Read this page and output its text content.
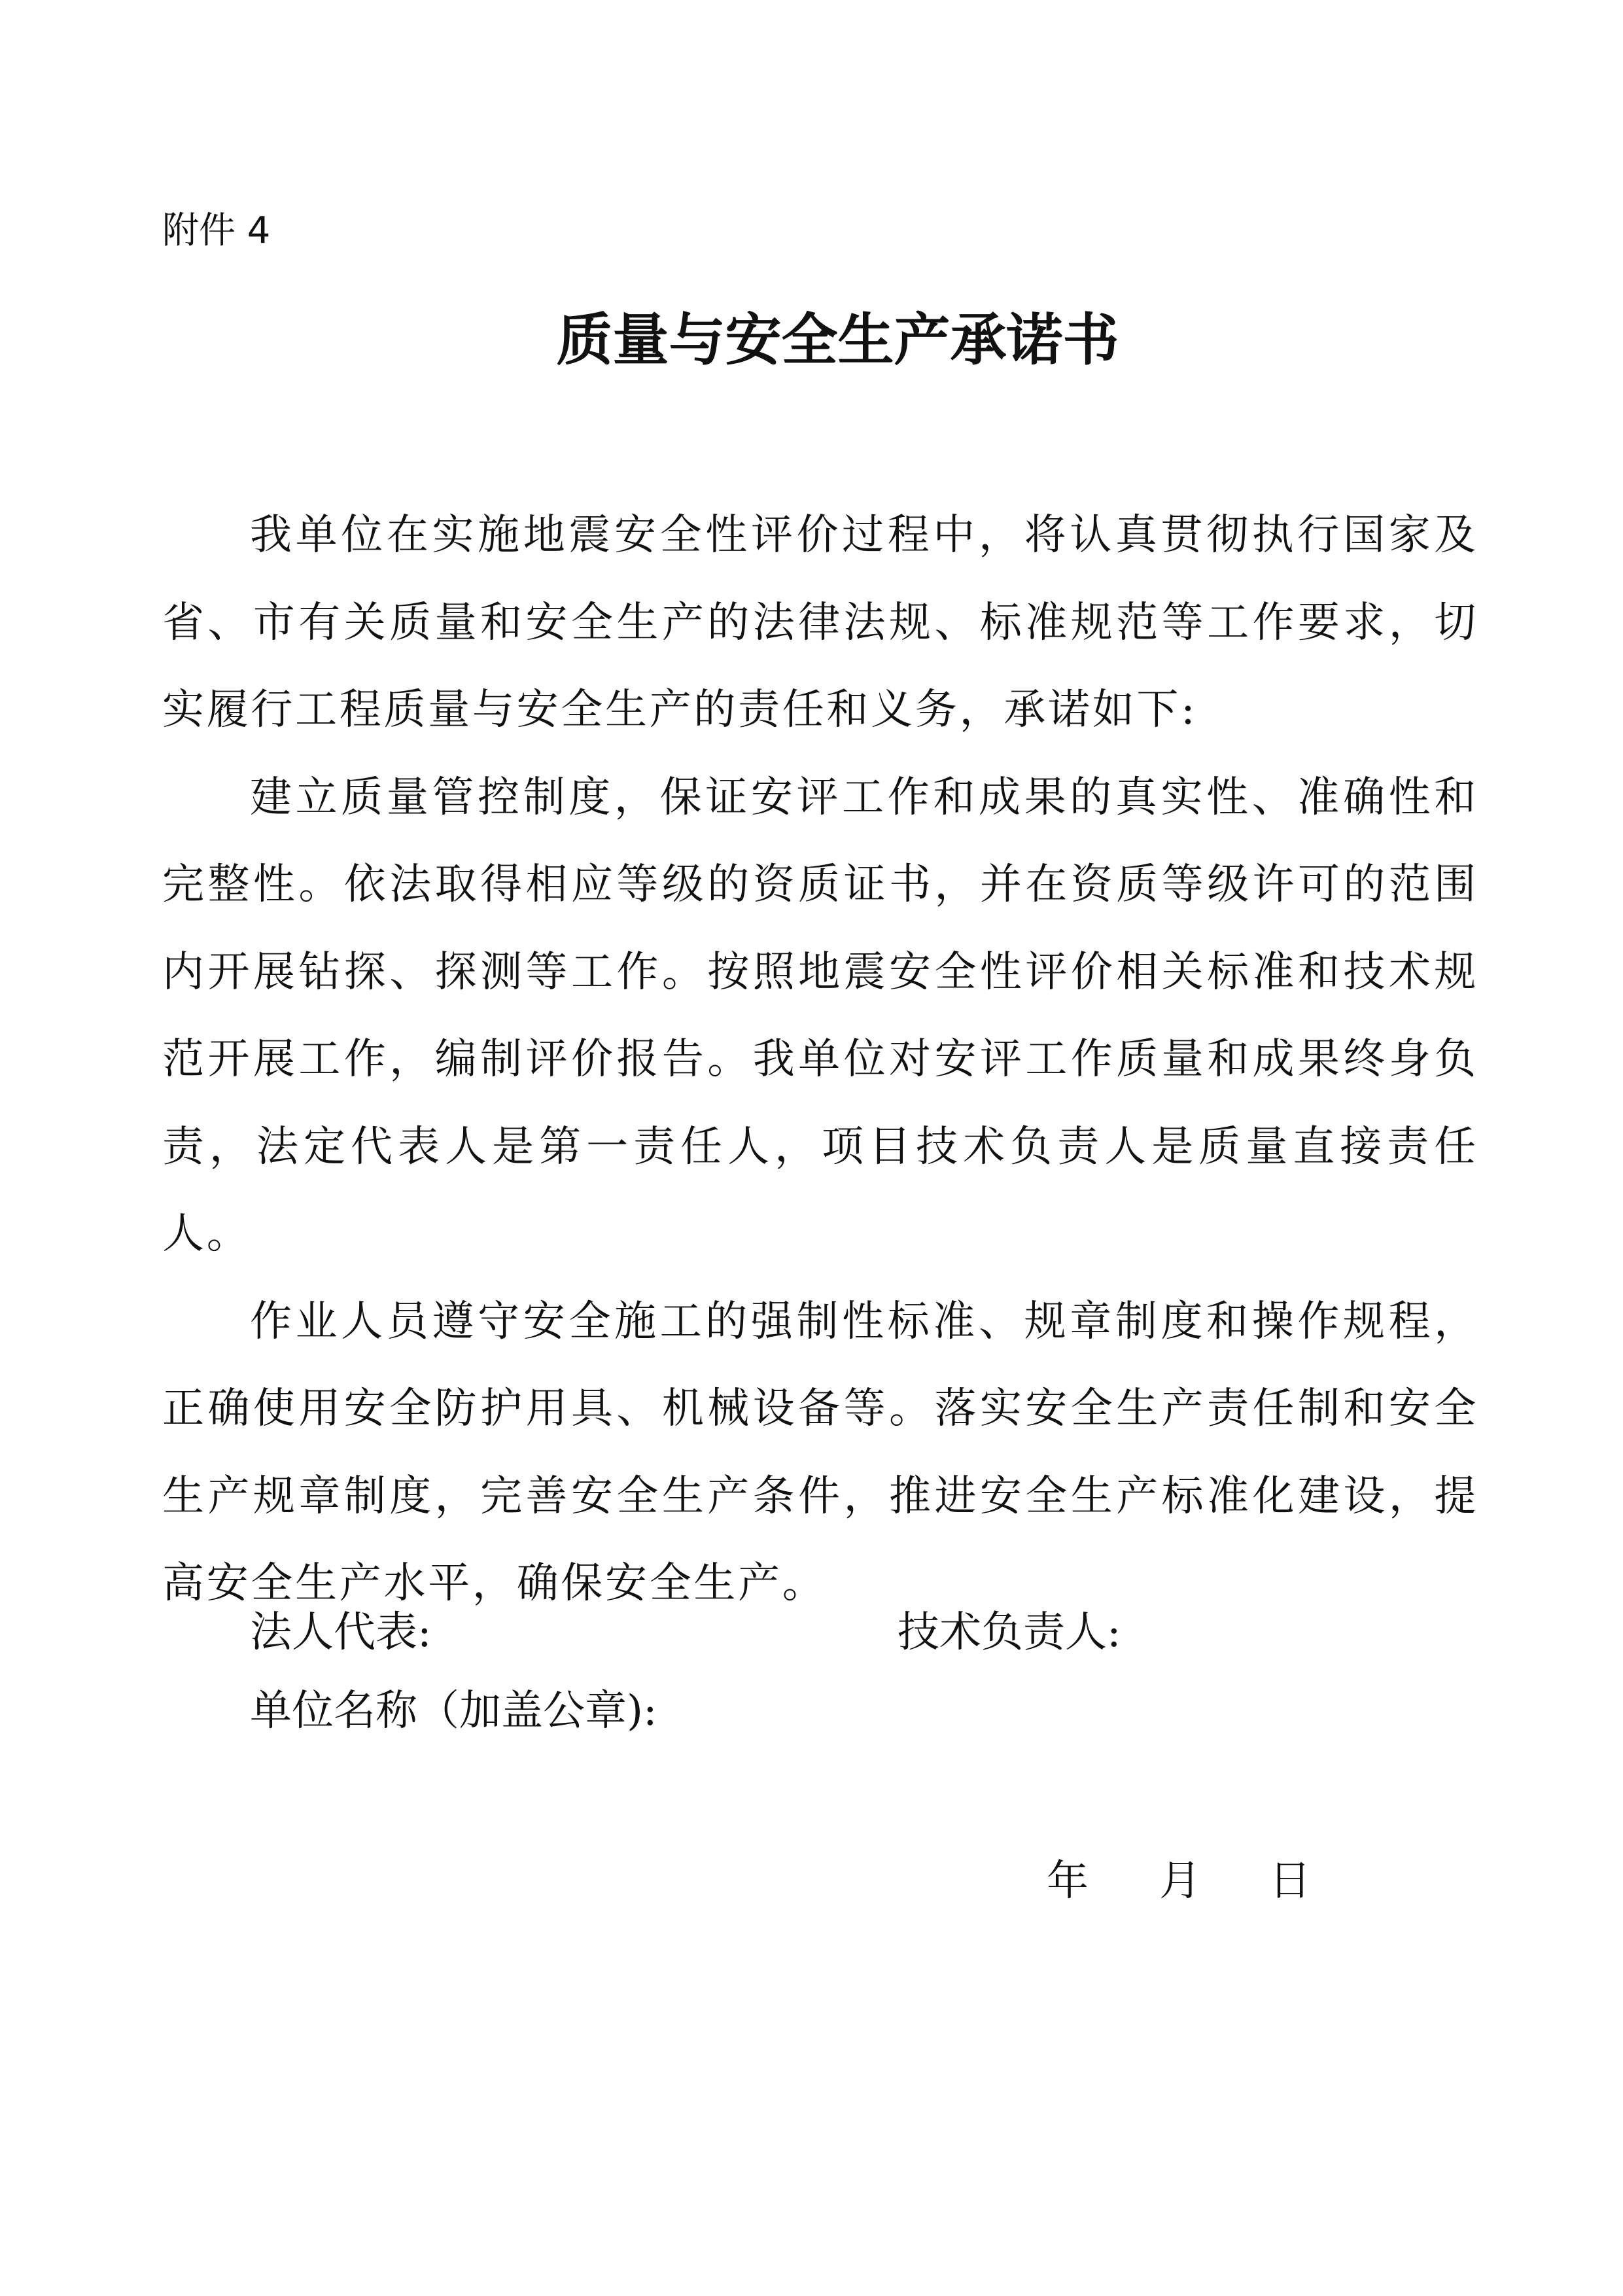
附件 4
质量与安全生产承诺书

我单位在实施地震安全性评价过程中，将认真贯彻执行国家及省、市有关质量和安全生产的法律法规、标准规范等工作要求，切实履行工程质量与安全生产的责任和义务，承诺如下:

建立质量管控制度，保证安评工作和成果的真实性、准确性和完整性。依法取得相应等级的资质证书，并在资质等级许可的范围内开展钻探、探测等工作。按照地震安全性评价相关标准和技术规范开展工作，编制评价报告。我单位对安评工作质量和成果终身负责，法定代表人是第一责任人，项目技术负责人是质量直接责任人。

作业人员遵守安全施工的强制性标准、规章制度和操作规程，正确使用安全防护用具、机械设备等。落实安全生产责任制和安全生产规章制度，完善安全生产条件，推进安全生产标准化建设，提高安全生产水平，确保安全生产。

法人代表:	技术负责人:
单位名称（加盖公章):
年 月 日
